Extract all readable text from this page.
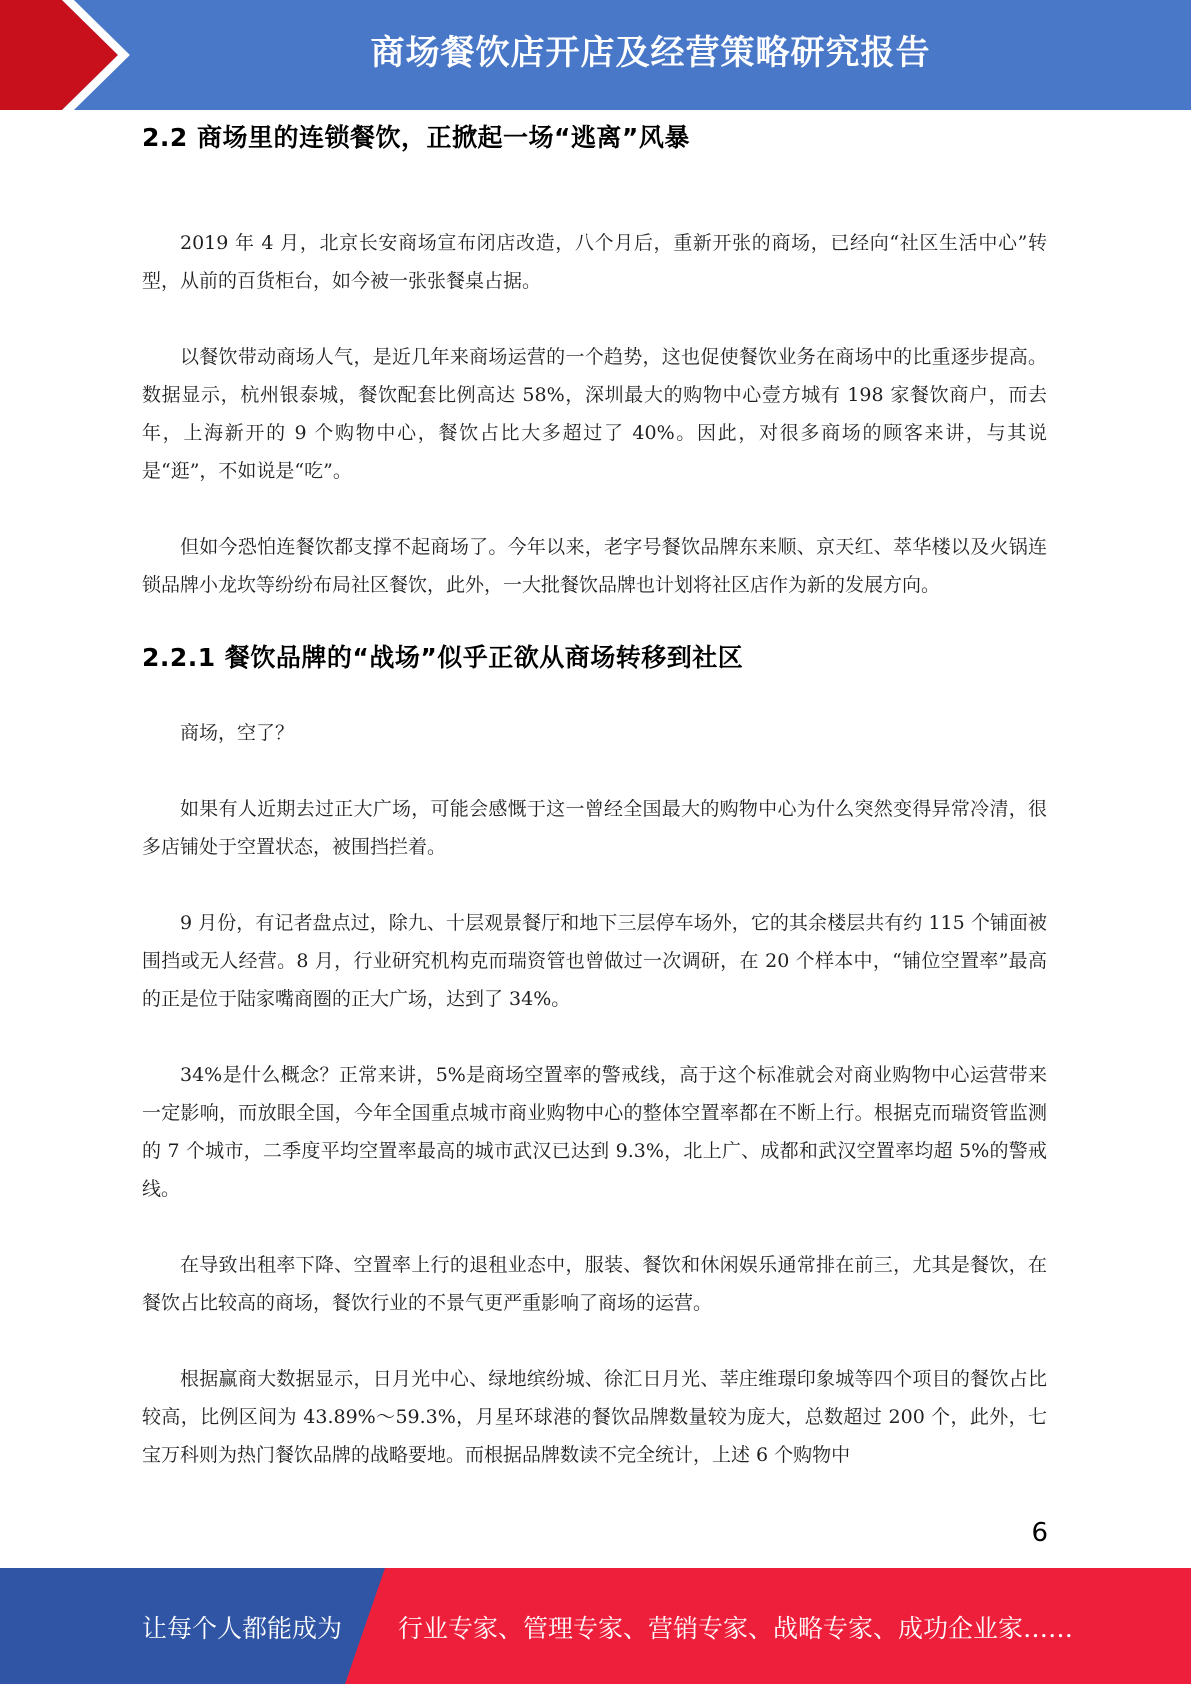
商场餐饮店开店及经营策略研究报告
2.2 商场里的连锁餐饮，正掀起一场“逃离”风暴

2019 年 4 月，北京长安商场宣布闭店改造，八个月后，重新开张的商场，已经向“社区生活中心”转型，从前的百货柜台，如今被一张张餐桌占据。

以餐饮带动商场人气，是近几年来商场运营的一个趋势，这也促使餐饮业务在商场中的比重逐步提高。数据显示，杭州银泰城，餐饮配套比例高达 58%，深圳最大的购物中心壹方城有 198 家餐饮商户，而去年，上海新开的 9 个购物中心，餐饮占比大多超过了 40%。因此，对很多商场的顾客来讲，与其说是“逛”，不如说是“吃”。

但如今恐怕连餐饮都支撑不起商场了。今年以来，老字号餐饮品牌东来顺、京天红、萃华楼以及火锅连锁品牌小龙坎等纷纷布局社区餐饮，此外，一大批餐饮品牌也计划将社区店作为新的发展方向。

2.2.1 餐饮品牌的“战场”似乎正欲从商场转移到社区

商场，空了？

如果有人近期去过正大广场，可能会感慨于这一曾经全国最大的购物中心为什么突然变得异常冷清，很多店铺处于空置状态，被围挡拦着。

9 月份，有记者盘点过，除九、十层观景餐厅和地下三层停车场外，它的其余楼层共有约 115 个铺面被围挡或无人经营。8 月，行业研究机构克而瑞资管也曾做过一次调研，在 20 个样本中，“铺位空置率”最高的正是位于陆家嘴商圈的正大广场，达到了 34%。

34%是什么概念？正常来讲，5%是商场空置率的警戒线，高于这个标准就会对商业购物中心运营带来一定影响，而放眼全国，今年全国重点城市商业购物中心的整体空置率都在不断上行。根据克而瑞资管监测的 7 个城市，二季度平均空置率最高的城市武汉已达到 9.3%，北上广、成都和武汉空置率均超 5%的警戒线。

在导致出租率下降、空置率上行的退租业态中，服装、餐饮和休闲娱乐通常排在前三，尤其是餐饮，在餐饮占比较高的商场，餐饮行业的不景气更严重影响了商场的运营。

根据赢商大数据显示，日月光中心、绿地缤纷城、徐汇日月光、莘庄维璟印象城等四个项目的餐饮占比较高，比例区间为 43.89%～59.3%，月星环球港的餐饮品牌数量较为庞大，总数超过 200 个，此外，七宝万科则为热门餐饮品牌的战略要地。而根据品牌数读不完全统计，上述 6 个购物中

6
让每个人都能成为 行业专家、管理专家、营销专家、战略专家、成功企业家……
